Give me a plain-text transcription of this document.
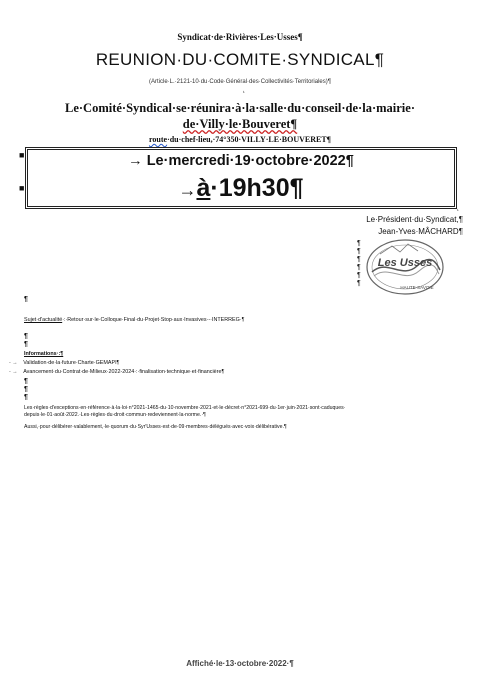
Syndicat·de·Rivières·Les·Usses¶
REUNION·DU·COMITE·SYNDICAL¶
(Article·L.·2121-10·du·Code·Général·des·Collectivités·Territoriales)¶
¹
Le·Comité·Syndical·se·réunira·à·la·salle·du·conseil·de·la·mairie·
de·Villy·le·Bouveret¶
route·du·chef-lieu,·74°350·VILLY·LE·BOUVERET¶
■
■
→ Le·mercredi·19·octobre·2022¶
→à·19h30¶
¹
Le·Président·du·Syndicat,¶
Jean-Yves·MÂCHARD¶
¶
¶
¶
¶
¶
¶
Les Usses
HAUTE-SAVOIE
¶
Sujet·d'actualité·:·Retour·sur·le·Colloque·Final·du·Projet·Stop·aux·Invasives·-·INTERREG·¶
¶
¶
Informations·:¶
- → Validation·de·la·future·Charte·GEMAPI¶
- → Avancement·du·Contrat·de·Milieux·2022-2024·:·finalisation·technique·et·financière¶
¶
¶
¶
Les·règles·d'exceptions·en·référence·à·la·loi·n°2021-1465·du·10·novembre·2021·et·le·décret·n°2021-699·du·1er·juin·2021·sont·caduques·
depuis·le·01·août·2022.·Les·règles·du·droit·commun·redeviennent·la·norme.·¶
Aussi,·pour·délibérer·valablement,·le·quorum·du·Syr'Usses·est·de·09·membres·délégués·avec·voix·délibérative.¶
Affiché·le·13·octobre·2022·¶
